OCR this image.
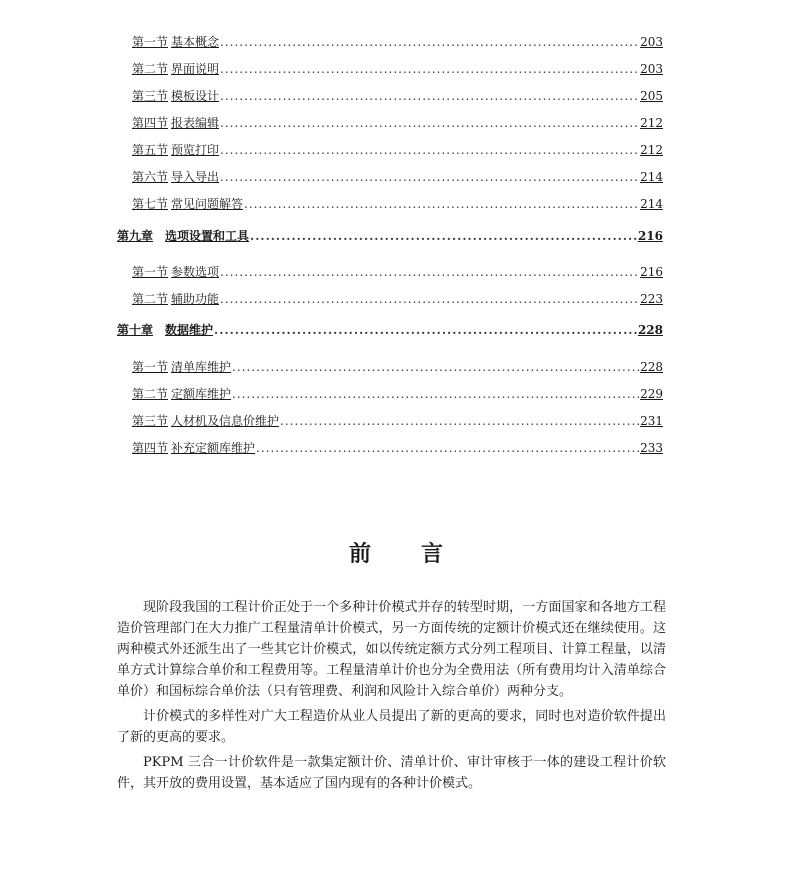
第一节 基本概念 .....	203
第二节 界面说明 .....	203
第三节 模板设计 .....	205
第四节 报表编辑 .....	212
第五节 预览打印 .....	212
第六节 导入导出 .....	214
第七节 常见问题解答 .....	214
第九章 选项设置和工具 .....	216
第一节 参数选项 .....	216
第二节 辅助功能 .....	223
第十章 数据维护 .....	228
第一节 清单库维护 .....	228
第二节 定额库维护 .....	229
第三节 人材机及信息价维护 .....	231
第四节 补充定额库维护 .....	233
前 言

现阶段我国的工程计价正处于一个多种计价模式并存的转型时期，一方面国家和各地方工程造价管理部门在大力推广工程量清单计价模式，另一方面传统的定额计价模式还在继续使用。这两种模式外还派生出了一些其它计价模式，如以传统定额方式分列工程项目、计算工程量，以清单方式计算综合单价和工程费用等。工程量清单计价也分为全费用法（所有费用均计入清单综合单价）和国标综合单价法（只有管理费、利润和风险计入综合单价）两种分支。

计价模式的多样性对广大工程造价从业人员提出了新的更高的要求，同时也对造价软件提出了新的更高的要求。

PKPM 三合一计价软件是一款集定额计价、清单计价、审计审核于一体的建设工程计价软件，其开放的费用设置，基本适应了国内现有的各种计价模式。
